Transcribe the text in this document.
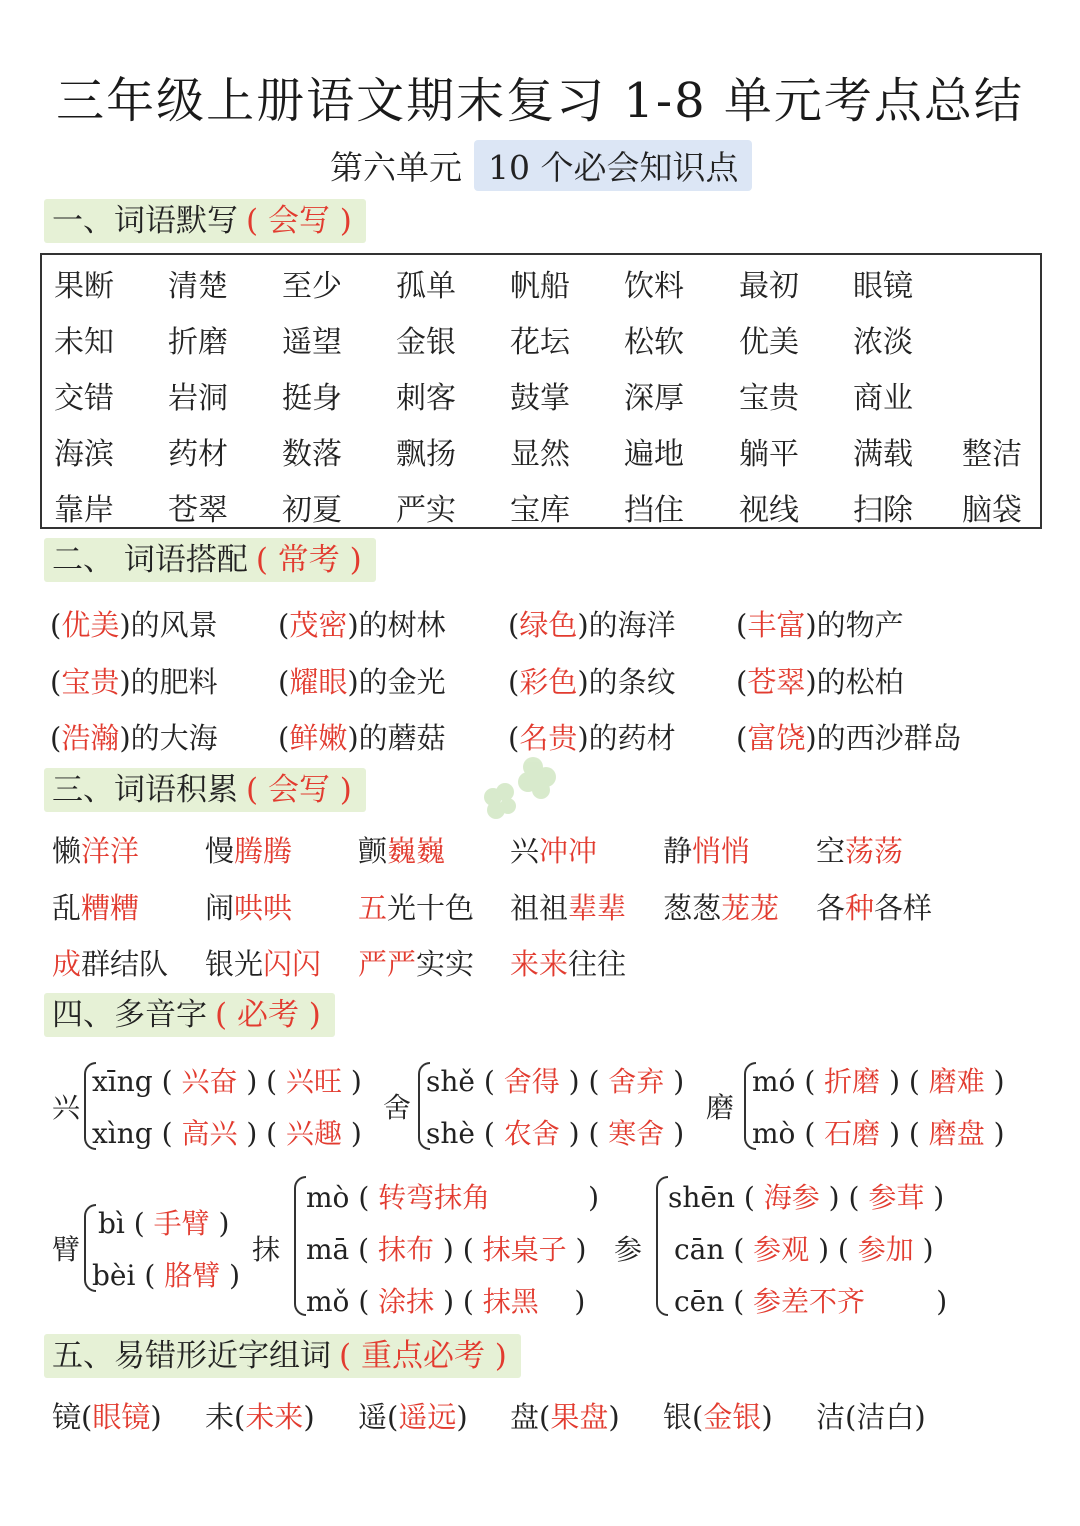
三年级上册语文期末复习 1-8 单元考点总结
第六单元 10 个必会知识点
一、词语默写 ( 会写 )
果断 清楚 至少 孤单 帆船 饮料 最初 眼镜
未知 折磨 遥望 金银 花坛 松软 优美 浓淡
交错 岩洞 挺身 刺客 鼓掌 深厚 宝贵 商业
海滨 药材 数落 飘扬 显然 遍地 躺平 满载 整洁
靠岸 苍翠 初夏 严实 宝库 挡住 视线 扫除 脑袋
二、 词语搭配 ( 常考 )
(优美)的风景 (茂密)的树林 (绿色)的海洋 (丰富)的物产
(宝贵)的肥料 (耀眼)的金光 (彩色)的条纹 (苍翠)的松柏
(浩瀚)的大海 (鲜嫩)的蘑菇 (名贵)的药材 (富饶)的西沙群岛
三、词语积累 ( 会写 )
懒洋洋 慢腾腾 颤巍巍 兴冲冲 静悄悄 空荡荡
乱糟糟 闹哄哄 五光十色 祖祖辈辈 葱葱茏茏 各种各样
成群结队 银光闪闪 严严实实 来来往往
四、多音字 ( 必考 )
兴
xīng ( 兴奋 ) ( 兴旺 )
xìng ( 高兴 ) ( 兴趣 )
舍
shě ( 舍得 ) ( 舍弃 )
shè ( 农舍 ) ( 寒舍 )
磨
mó ( 折磨 ) ( 磨难 )
mò ( 石磨 ) ( 磨盘 )
臂
bì ( 手臂 )
bèi ( 胳臂 )
抹
mò ( 转弯抹角           )
mā ( 抹布 ) ( 抹桌子 )
mǒ ( 涂抹 ) ( 抹黑    )
参
shēn ( 海参 ) ( 参茸 )
cān ( 参观 ) ( 参加 )
cēn ( 参差不齐        )
五、易错形近字组词 ( 重点必考 )
镜(眼镜) 未(未来) 遥(遥远) 盘(果盘) 银(金银) 洁(洁白)
